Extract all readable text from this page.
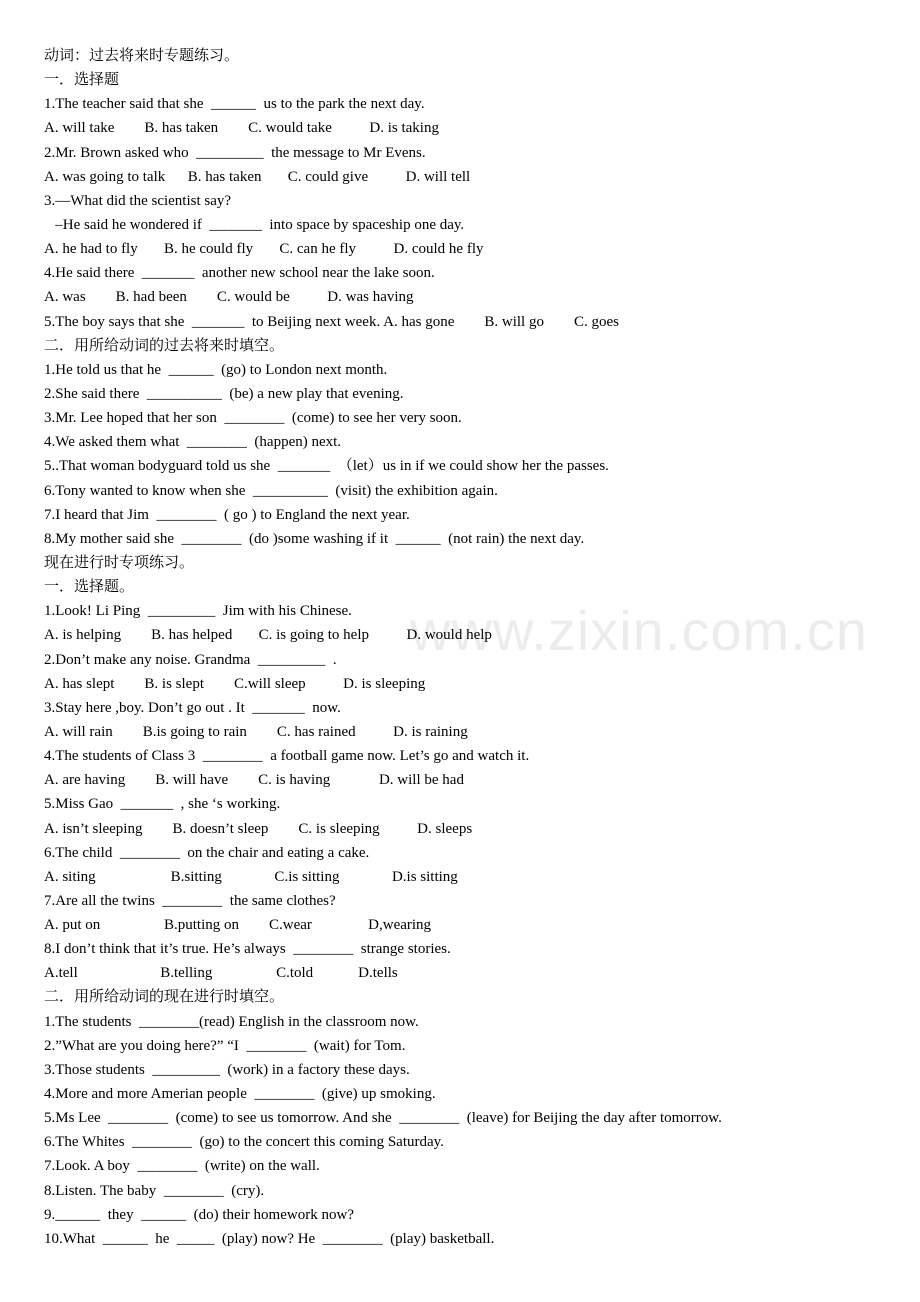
动词：过去将来时专题练习。
一．选择题
1.The teacher said that she  ______  us to the park the next day.
A. will take        B. has taken        C. would take          D. is taking
2.Mr. Brown asked who  _________  the message to Mr Evens.
A. was going to talk      B. has taken       C. could give          D. will tell
3.—What did the scientist say?
–He said he wondered if  _______  into space by spaceship one day.
A. he had to fly       B. he could fly       C. can he fly          D. could he fly
4.He said there  _______  another new school near the lake soon.
A. was        B. had been        C. would be          D. was having
5.The boy says that she  _______  to Beijing next week. A. has gone        B. will go        C. goes
二．用所给动词的过去将来时填空。
1.He told us that he  ______  (go) to London next month.
2.She said there  __________  (be) a new play that evening.
3.Mr. Lee hoped that her son  ________  (come) to see her very soon.
4.We asked them what  ________  (happen) next.
5..That woman bodyguard told us she  _______  （let）us in if we could show her the passes.
6.Tony wanted to know when she  __________  (visit) the exhibition again.
7.I heard that Jim  ________  ( go ) to England the next year.
8.My mother said she  ________  (do )some washing if it  ______  (not rain) the next day.
现在进行时专项练习。
一．选择题。
1.Look! Li Ping  _________  Jim with his Chinese.
A. is helping        B. has helped       C. is going to help          D. would help
2.Don’t make any noise. Grandma  _________  .
A. has slept        B. is slept        C.will sleep          D. is sleeping
3.Stay here ,boy. Don’t go out . It  _______  now.
A. will rain        B.is going to rain        C. has rained          D. is raining
4.The students of Class 3  ________  a football game now. Let’s go and watch it.
A. are having        B. will have        C. is having             D. will be had
5.Miss Gao  _______  , she ‘s working.
A. isn’t sleeping        B. doesn’t sleep        C. is sleeping          D. sleeps
6.The child  ________  on the chair and eating a cake.
A. siting                    B.sitting              C.is sitting              D.is sitting
7.Are all the twins  ________  the same clothes?
A. put on                 B.putting on        C.wear               D,wearing
8.I don’t think that it’s true. He’s always  ________  strange stories.
A.tell                      B.telling                 C.told            D.tells
二．用所给动词的现在进行时填空。
1.The students  ________(read) English in the classroom now.
2.”What are you doing here?” “I  ________  (wait) for Tom.
3.Those students  _________  (work) in a factory these days.
4.More and more Amerian people  ________  (give) up smoking.
5.Ms Lee  ________  (come) to see us tomorrow. And she  ________  (leave) for Beijing the day after tomorrow.
6.The Whites  ________  (go) to the concert this coming Saturday.
7.Look. A boy  ________  (write) on the wall.
8.Listen. The baby  ________  (cry).
9.______  they  ______  (do) their homework now?
10.What  ______  he  _____  (play) now? He  ________  (play) basketball.
www.zixin.com.cn
